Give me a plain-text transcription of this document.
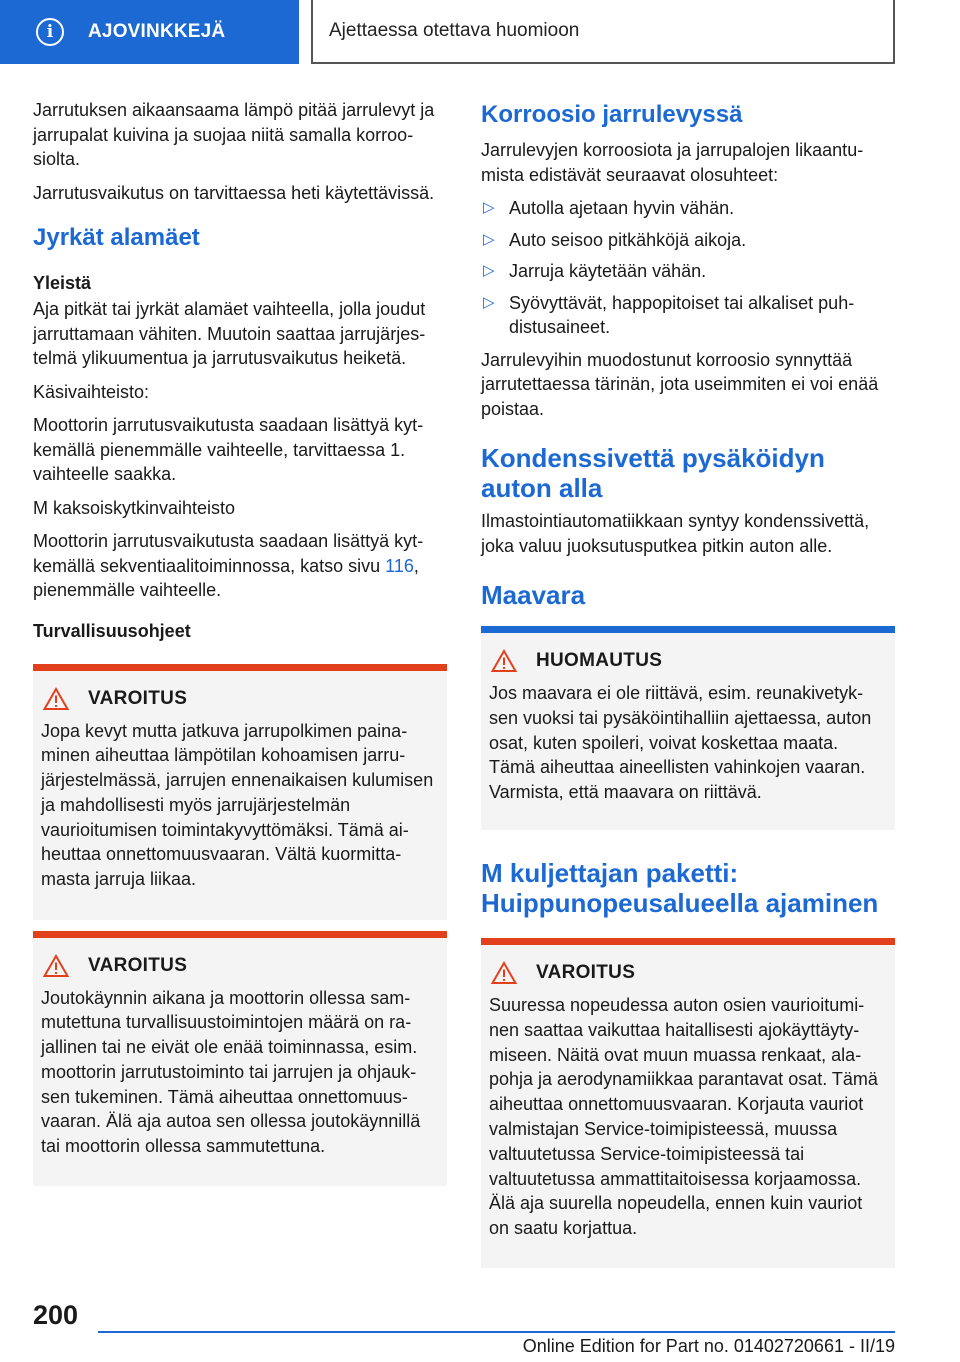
i	AJOVINKKEJÄ	Ajettaessa otettava huomioon

Jarrutuksen aikaansaama lämpö pitää jarrulevyt ja jarrupalat kuivina ja suojaa niitä samalla korroosiolta.

Jarrutusvaikutus on tarvittaessa heti käytettävissä.

Jyrkät alamäet
Yleistä

Aja pitkät tai jyrkät alamäet vaihteella, jolla joudut jarruttamaan vähiten. Muutoin saattaa jarrujärjestelmä ylikuumentua ja jarrutusvaikutus heiketä.

Käsivaihteisto:

Moottorin jarrutusvaikutusta saadaan lisättyä kytkemällä pienemmälle vaihteelle, tarvittaessa 1. vaihteelle saakka.

M kaksoiskytkinvaihteisto

Moottorin jarrutusvaikutusta saadaan lisättyä kytkemällä sekventiaalitoiminnossa, katso sivu 116, pienemmälle vaihteelle.

Turvallisuusohjeet
VAROITUS

Jopa kevyt mutta jatkuva jarrupolkimen painaminen aiheuttaa lämpötilan kohoamisen jarrujärjestelmässä, jarrujen ennenaikaisen kulumisen ja mahdollisesti myös jarrujärjestelmän vaurioitumisen toimintakyvyttömäksi. Tämä aiheuttaa onnettomuusvaaran. Vältä kuormittamasta jarruja liikaa.

VAROITUS

Joutokäynnin aikana ja moottorin ollessa sammutettuna turvallisuustoimintojen määrä on rajallinen tai ne eivät ole enää toiminnassa, esim. moottorin jarrutustoiminto tai jarrujen ja ohjauksen tukeminen. Tämä aiheuttaa onnettomuusvaaran. Älä aja autoa sen ollessa joutokäynnillä tai moottorin ollessa sammutettuna.

Korroosio jarrulevyssä

Jarrulevyjen korroosiota ja jarrupalojen likaantumista edistävät seuraavat olosuhteet:

▷ Autolla ajetaan hyvin vähän.
▷ Auto seisoo pitkähköjä aikoja.
▷ Jarruja käytetään vähän.
▷ Syövyttävät, happopitoiset tai alkaliset puhdistusaineet.

Jarrulevyihin muodostunut korroosio synnyttää jarrutettaessa tärinän, jota useimmiten ei voi enää poistaa.

Kondenssivettä pysäköidyn auton alla

Ilmastointiautomatiikkaan syntyy kondenssivettä, joka valuu juoksutusputkea pitkin auton alle.

Maavara
HUOMAUTUS

Jos maavara ei ole riittävä, esim. reunakivetyksen vuoksi tai pysäköintihalliin ajettaessa, auton osat, kuten spoileri, voivat koskettaa maata. Tämä aiheuttaa aineellisten vahinkojen vaaran. Varmista, että maavara on riittävä.

M kuljettajan paketti: Huippunopeusalueella ajaminen
VAROITUS

Suuressa nopeudessa auton osien vaurioituminen saattaa vaikuttaa haitallisesti ajokäyttäytymiseen. Näitä ovat muun muassa renkaat, alapohja ja aerodynamiikkaa parantavat osat. Tämä aiheuttaa onnettomuusvaaran. Korjauta vauriot valmistajan Service-toimipisteessä, muussa valtuutetussa Service-toimipisteessä tai valtuutetussa ammattitaitoisessa korjaamossa. Älä aja suurella nopeudella, ennen kuin vauriot on saatu korjattua.

200
Online Edition for Part no. 01402720661 - II/19
